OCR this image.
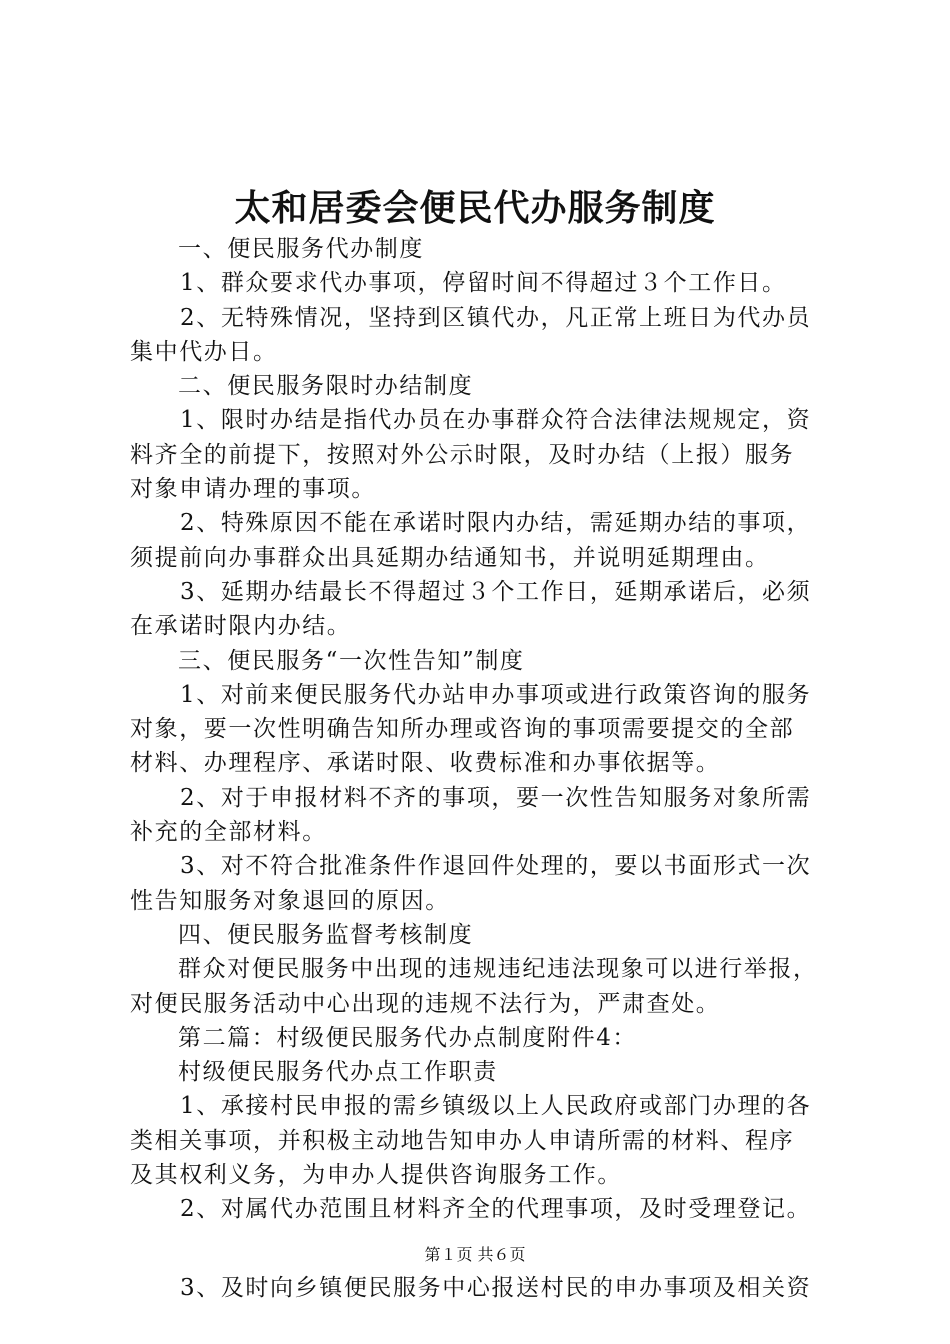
太和居委会便民代办服务制度
一、便民服务代办制度
1、群众要求代办事项，停留时间不得超过３个工作日。
2、无特殊情况，坚持到区镇代办，凡正常上班日为代办员
集中代办日。
二、便民服务限时办结制度
1、限时办结是指代办员在办事群众符合法律法规规定，资
料齐全的前提下，按照对外公示时限，及时办结（上报）服务
对象申请办理的事项。
2、特殊原因不能在承诺时限内办结，需延期办结的事项，
须提前向办事群众出具延期办结通知书，并说明延期理由。
3、延期办结最长不得超过３个工作日，延期承诺后，必须
在承诺时限内办结。
三、便民服务“一次性告知”制度
1、对前来便民服务代办站申办事项或进行政策咨询的服务
对象，要一次性明确告知所办理或咨询的事项需要提交的全部
材料、办理程序、承诺时限、收费标准和办事依据等。
2、对于申报材料不齐的事项，要一次性告知服务对象所需
补充的全部材料。
3、对不符合批准条件作退回件处理的，要以书面形式一次
性告知服务对象退回的原因。
四、便民服务监督考核制度
群众对便民服务中出现的违规违纪违法现象可以进行举报，
对便民服务活动中心出现的违规不法行为，严肃查处。
第二篇：村级便民服务代办点制度附件4：
村级便民服务代办点工作职责
1、承接村民申报的需乡镇级以上人民政府或部门办理的各
类相关事项，并积极主动地告知申办人申请所需的材料、程序
及其权利义务，为申办人提供咨询服务工作。
2、对属代办范围且材料齐全的代理事项，及时受理登记。
3、及时向乡镇便民服务中心报送村民的申办事项及相关资
第１页 共６页
